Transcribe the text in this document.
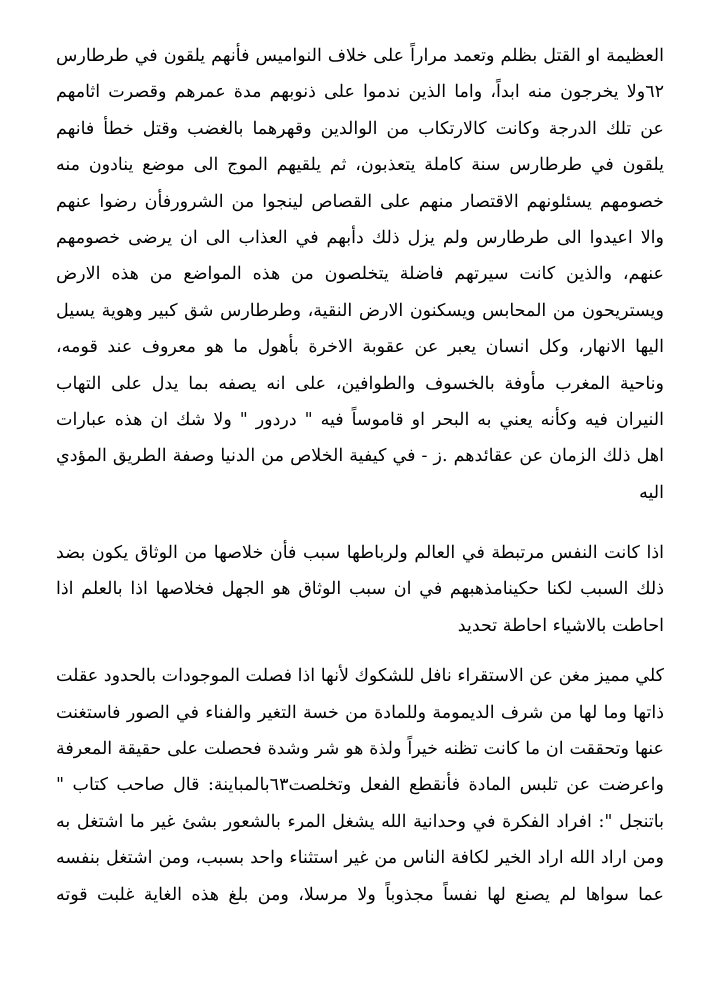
العظيمة او القتل بظلم وتعمد مراراً على خلاف النواميس فأنهم يلقون في طرطارس
٦٢ولا يخرجون منه ابداً، واما الذين ندموا على ذنوبهم مدة عمرهم وقصرت اثامهم
عن تلك الدرجة وكانت كالارتكاب من الوالدين وقهرهما بالغضب وقتل خطأ فانهم
يلقون في طرطارس سنة كاملة يتعذبون، ثم يلقيهم الموج الى موضع ينادون منه
خصومهم يسئلونهم الاقتصار منهم على القصاص لينجوا من الشرورفأن رضوا عنهم
والا اعيدوا الى طرطارس ولم يزل ذلك دأبهم في العذاب الى ان يرضى خصومهم
عنهم، والذين كانت سيرتهم فاضلة يتخلصون من هذه المواضع من هذه الارض
ويستريحون من المحابس ويسكنون الارض النقية، وطرطارس شق كبير وهوية يسيل
اليها الانهار، وكل انسان يعبر عن عقوبة الاخرة بأهول ما هو معروف عند قومه،
وناحية المغرب مأوفة بالخسوف والطوافين، على انه يصفه بما يدل على التهاب
النيران فيه وكأنه يعني به البحر او قاموساً فيه " دردور " ولا شك ان هذه عبارات
اهل ذلك الزمان عن عقائدهم .ز - في كيفية الخلاص من الدنيا وصفة الطريق المؤدي
اليه
اذا كانت النفس مرتبطة في العالم ولرباطها سبب فأن خلاصها من الوثاق يكون بضد
ذلك السبب لكنا حكينامذهبهم في ان سبب الوثاق هو الجهل فخلاصها اذا بالعلم اذا
احاطت بالاشياء احاطة تحديد
كلي مميز مغن عن الاستقراء نافل للشكوك لأنها اذا فصلت الموجودات بالحدود عقلت
ذاتها وما لها من شرف الديمومة وللمادة من خسة التغير والفناء في الصور فاستغنت
عنها وتحققت ان ما كانت تظنه خيراً ولذة هو شر وشدة فحصلت على حقيقة المعرفة
واعرضت عن تلبس المادة فأنقطع الفعل وتخلصت٦٣بالمباينة: قال صاحب كتاب "
باتنجل ": افراد الفكرة في وحدانية الله يشغل المرء بالشعور بشئ غير ما اشتغل به
ومن اراد الله اراد الخير لكافة الناس من غير استثناء واحد بسبب، ومن اشتغل بنفسه
عما سواها لم يصنع لها نفساً مجذوباً ولا مرسلا، ومن بلغ هذه الغاية غلبت قوته
